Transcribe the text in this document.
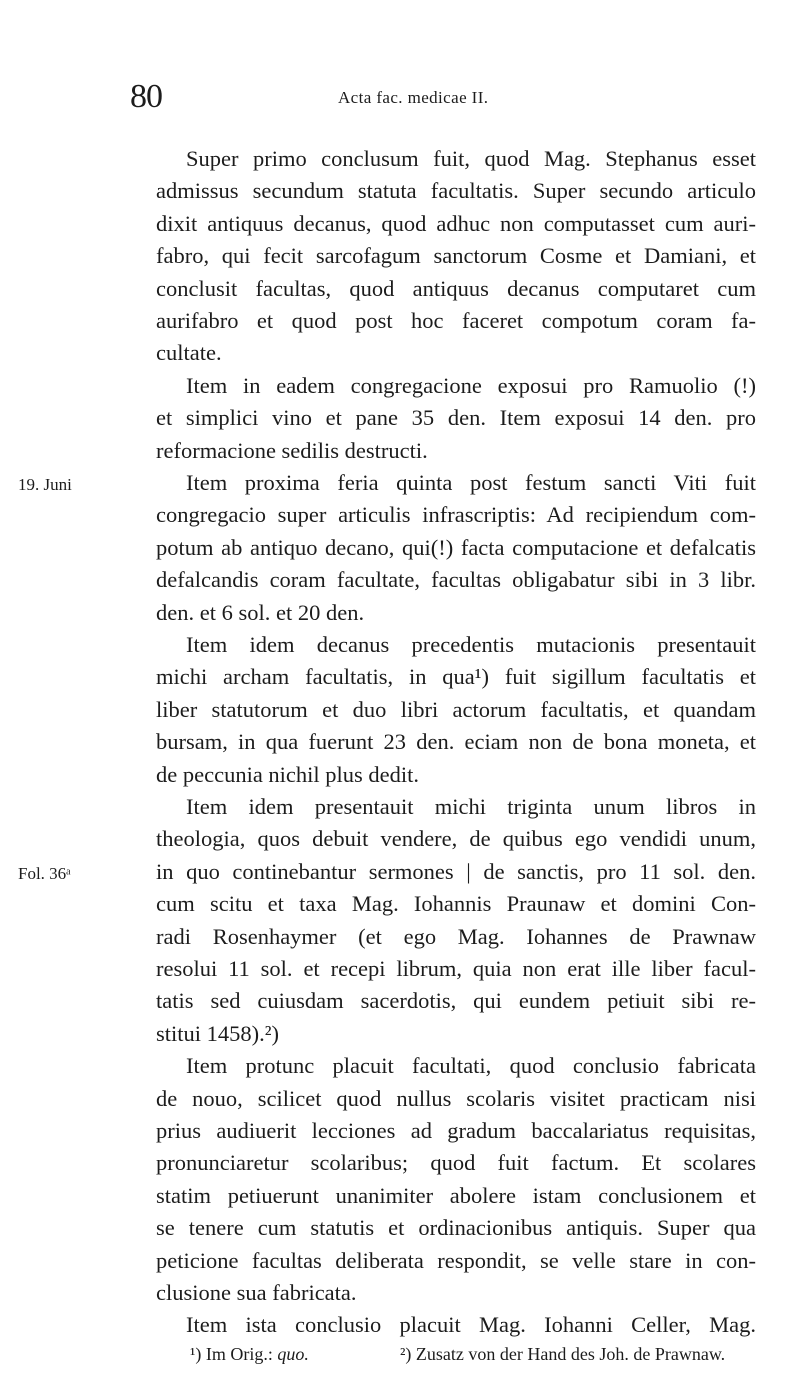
80	Acta fac. medicae II.
19. Juni
Fol. 36ᵃ
Super primo conclusum fuit, quod Mag. Stephanus esset
admissus secundum statuta facultatis. Super secundo articulo
dixit antiquus decanus, quod adhuc non computasset cum auri-
fabro, qui fecit sarcofagum sanctorum Cosme et Damiani, et
conclusit facultas, quod antiquus decanus computaret cum
aurifabro et quod post hoc faceret compotum coram fa-
cultate.
Item in eadem congregacione exposui pro Ramuolio (!)
et simplici vino et pane 35 den. Item exposui 14 den. pro
reformacione sedilis destructi.
Item proxima feria quinta post festum sancti Viti fuit
congregacio super articulis infrascriptis: Ad recipiendum com-
potum ab antiquo decano, qui(!) facta computacione et defalcatis
defalcandis coram facultate, facultas obligabatur sibi in 3 libr.
den. et 6 sol. et 20 den.
Item idem decanus precedentis mutacionis presentauit
michi archam facultatis, in qua¹) fuit sigillum facultatis et
liber statutorum et duo libri actorum facultatis, et quandam
bursam, in qua fuerunt 23 den. eciam non de bona moneta, et
de peccunia nichil plus dedit.
Item idem presentauit michi triginta unum libros in
theologia, quos debuit vendere, de quibus ego vendidi unum,
in quo continebantur sermones | de sanctis, pro 11 sol. den.
cum scitu et taxa Mag. Iohannis Praunaw et domini Con-
radi Rosenhaymer (et ego Mag. Iohannes de Prawnaw
resolui 11 sol. et recepi librum, quia non erat ille liber facul-
tatis sed cuiusdam sacerdotis, qui eundem petiuit sibi re-
stitui 1458).²)
Item protunc placuit facultati, quod conclusio fabricata
de nouo, scilicet quod nullus scolaris visitet practicam nisi
prius audiuerit lecciones ad gradum baccalariatus requisitas,
pronunciaretur scolaribus; quod fuit factum. Et scolares
statim petiuerunt unanimiter abolere istam conclusionem et
se tenere cum statutis et ordinacionibus antiquis. Super qua
peticione facultas deliberata respondit, se velle stare in con-
clusione sua fabricata.
Item ista conclusio placuit Mag. Iohanni Celler, Mag.
¹) Im Orig.: quo.	²) Zusatz von der Hand des Joh. de Prawnaw.
